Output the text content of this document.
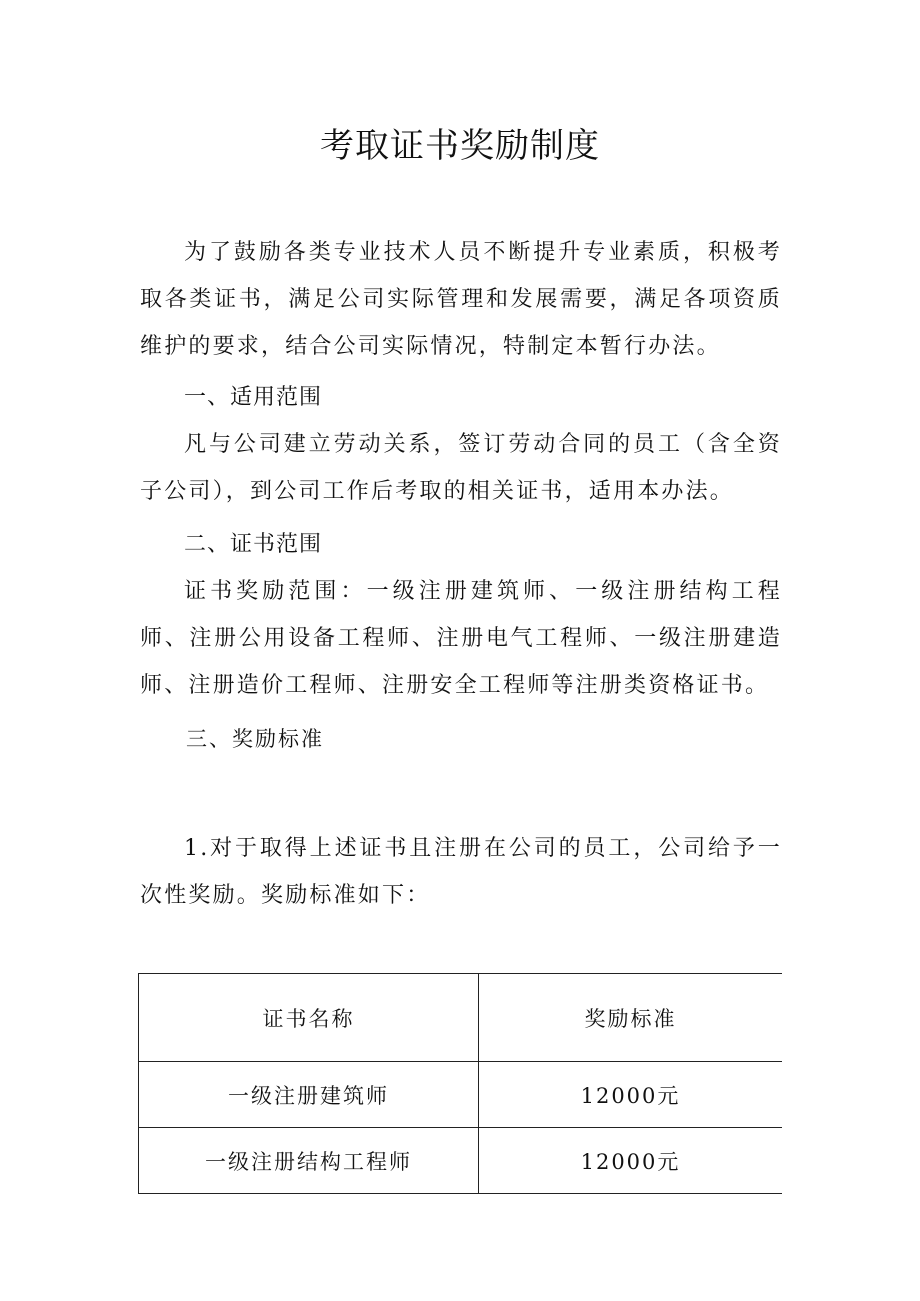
考取证书奖励制度

为了鼓励各类专业技术人员不断提升专业素质，积极考取各类证书，满足公司实际管理和发展需要，满足各项资质维护的要求，结合公司实际情况，特制定本暂行办法。

一、适用范围

凡与公司建立劳动关系，签订劳动合同的员工（含全资子公司），到公司工作后考取的相关证书，适用本办法。

二、证书范围

证书奖励范围：一级注册建筑师、一级注册结构工程师、注册公用设备工程师、注册电气工程师、一级注册建造师、注册造价工程师、注册安全工程师等注册类资格证书。

三、奖励标准

1.对于取得上述证书且注册在公司的员工，公司给予一次性奖励。奖励标准如下：

证书名称	奖励标准
一级注册建筑师	12000元
一级注册结构工程师	12000元
